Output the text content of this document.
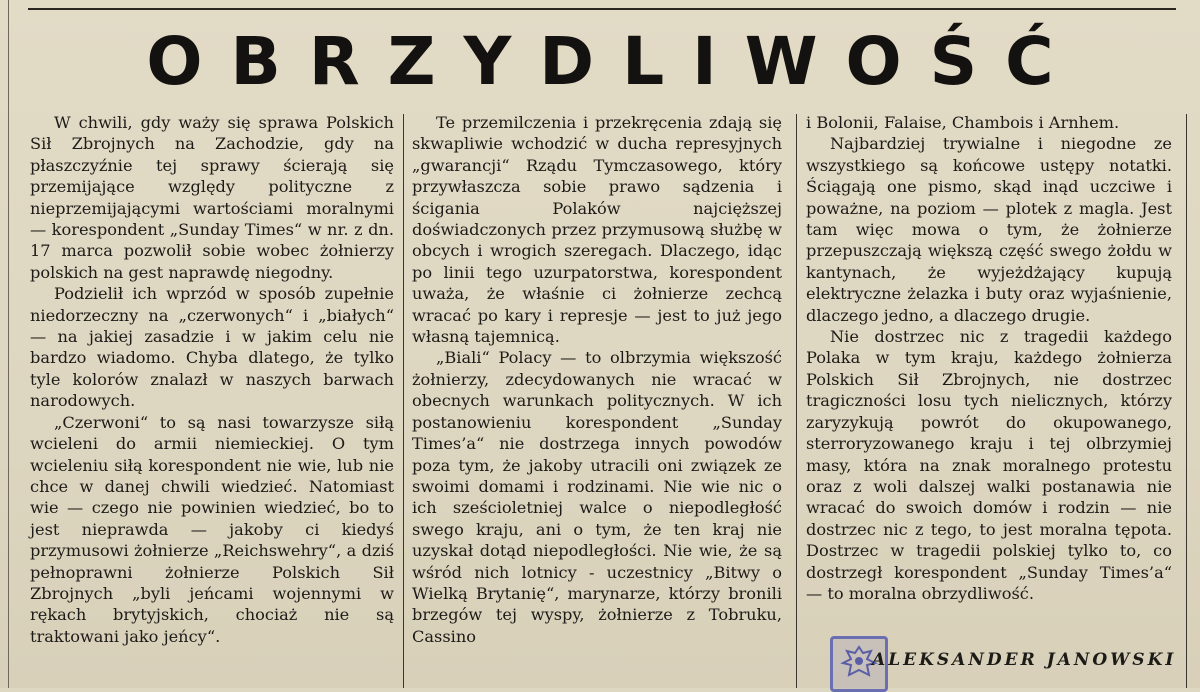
OBRZYDLIWOŚĆ

W chwili, gdy waży się sprawa Polskich Sił Zbrojnych na Zachodzie, gdy na płaszczyźnie tej sprawy ścierają się przemijające względy polityczne z nieprzemijającymi wartościami moralnymi — korespondent „Sunday Times“ w nr. z dn. 17 marca pozwolił sobie wobec żołnierzy polskich na gest naprawdę niegodny.

Podzielił ich wprzód w sposób zupełnie niedorzeczny na „czerwonych“ i „białych“ — na jakiej zasadzie i w jakim celu nie bardzo wiadomo. Chyba dlatego, że tylko tyle kolorów znalazł w naszych barwach narodowych.

„Czerwoni“ to są nasi towarzysze siłą wcieleni do armii niemieckiej. O tym wcieleniu siłą korespondent nie wie, lub nie chce w danej chwili wiedzieć. Natomiast wie — czego nie powinien wiedzieć, bo to jest nieprawda — jakoby ci kiedyś przymusowi żołnierze „Reichswehry“, a dziś pełnoprawni żołnierze Polskich Sił Zbrojnych „byli jeńcami wojennymi w rękach brytyjskich, chociaż nie są traktowani jako jeńcy“.

Te przemilczenia i przekręcenia zdają się skwapliwie wchodzić w ducha represyjnych „gwarancji“ Rządu Tymczasowego, który przywłaszcza sobie prawo sądzenia i ścigania Polaków najcięższej doświadczonych przez przymusową służbę w obcych i wrogich szeregach. Dlaczego, idąc po linii tego uzurpatorstwa, korespondent uważa, że właśnie ci żołnierze zechcą wracać po kary i represje — jest to już jego własną tajemnicą.

„Biali“ Polacy — to olbrzymia większość żołnierzy, zdecydowanych nie wracać w obecnych warunkach politycznych. W ich postanowieniu korespondent „Sunday Times’a“ nie dostrzega innych powodów poza tym, że jakoby utracili oni związek ze swoimi domami i rodzinami. Nie wie nic o ich sześcioletniej walce o niepodległość swego kraju, ani o tym, że ten kraj nie uzyskał dotąd niepodległości. Nie wie, że są wśród nich lotnicy - uczestnicy „Bitwy o Wielką Brytanię“, marynarze, którzy bronili brzegów tej wyspy, żołnierze z Tobruku, Cassino

i Bolonii, Falaise, Chambois i Arnhem.

Najbardziej trywialne i niegodne ze wszystkiego są końcowe ustępy notatki. Ściągają one pismo, skąd inąd uczciwe i poważne, na poziom — plotek z magla. Jest tam więc mowa o tym, że żołnierze przepuszczają większą część swego żołdu w kantynach, że wyjeżdżający kupują elektryczne żelazka i buty oraz wyjaśnienie, dlaczego jedno, a dlaczego drugie.

Nie dostrzec nic z tragedii każdego Polaka w tym kraju, każdego żołnierza Polskich Sił Zbrojnych, nie dostrzec tragiczności losu tych nielicznych, którzy zaryzykują powrót do okupowanego, sterroryzowanego kraju i tej olbrzymiej masy, która na znak moralnego protestu oraz z woli dalszej walki postanawia nie wracać do swoich domów i rodzin — nie dostrzec nic z tego, to jest moralna tępota. Dostrzec w tragedii polskiej tylko to, co dostrzegł korespondent „Sunday Times’a“ — to moralna obrzydliwość.

ALEKSANDER JANOWSKI
